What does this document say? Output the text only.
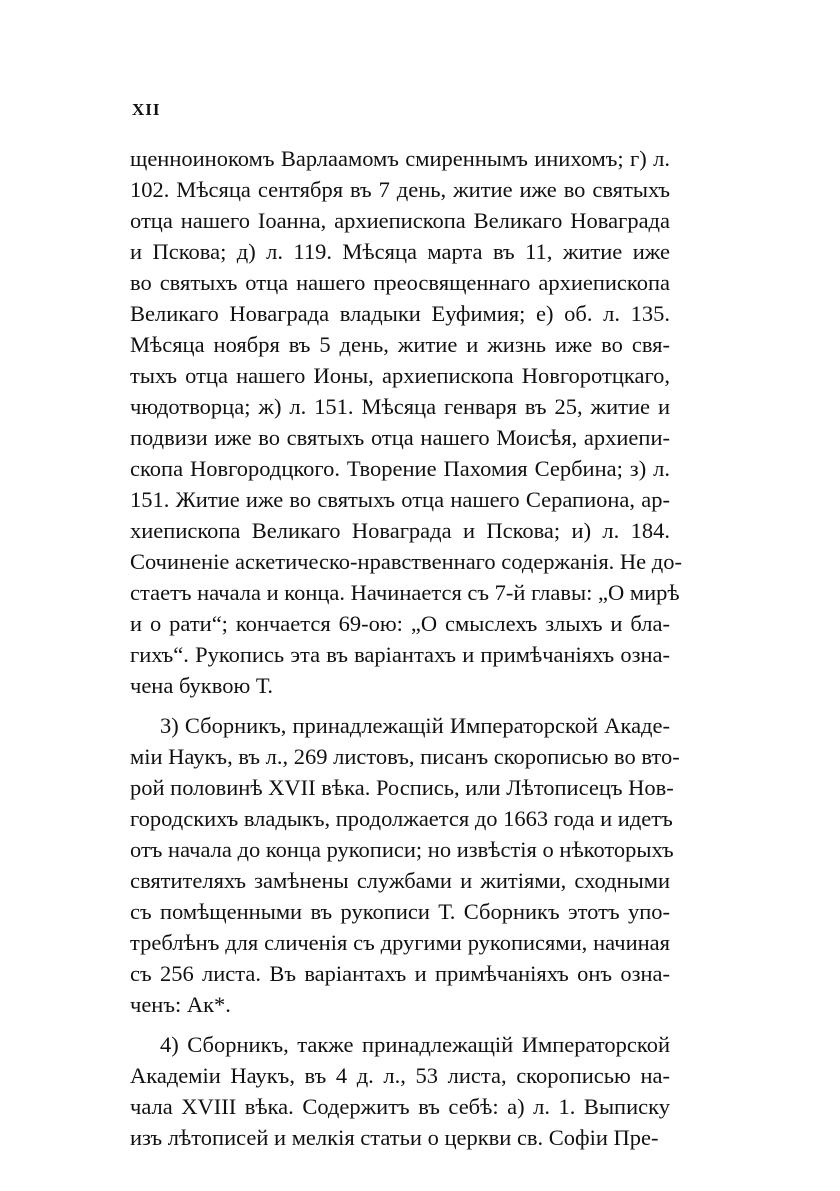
XII
щенноинокомъ Варлаамомъ смиреннымъ инихомъ; г) л.
102. Мѣсяца сентября въ 7 день, житие иже во святыхъ
отца нашего Іоанна, архиепископа Великаго Новаграда
и Пскова; д) л. 119. Мѣсяца марта въ 11, житие иже
во святыхъ отца нашего преосвященнаго архиепископа
Великаго Новаграда владыки Еуфимия; е) об. л. 135.
Мѣсяца ноября въ 5 день, житие и жизнь иже во свя-
тыхъ отца нашего Ионы, архиепископа Новгоротцкаго,
чюдотворца; ж) л. 151. Мѣсяца генваря въ 25, житие и
подвизи иже во святыхъ отца нашего Моисѣя, архиепи-
скопа Новгородцкого. Творение Пахомия Сербина; з) л.
151. Житие иже во святыхъ отца нашего Серапиона, ар-
хиепископа Великаго Новаграда и Пскова; и) л. 184.
Сочиненіе аскетическо-нравственнаго содержанія. Не до-
стаетъ начала и конца. Начинается съ 7-й главы: „О мирѣ
и о рати“; кончается 69-ою: „О смыслехъ злыхъ и бла-
гихъ“. Рукопись эта въ варіантахъ и примѣчаніяхъ озна-
чена буквою Т.
3) Сборникъ, принадлежащій Императорской Акаде-
міи Наукъ, въ л., 269 листовъ, писанъ скорописью во вто-
рой половинѣ XVII вѣка. Роспись, или Лѣтописецъ Нов-
городскихъ владыкъ, продолжается до 1663 года и идетъ
отъ начала до конца рукописи; но извѣстія о нѣкоторыхъ
святителяхъ замѣнены службами и житіями, сходными
съ помѣщенными въ рукописи Т. Сборникъ этотъ упо-
треблѣнъ для сличенія съ другими рукописями, начиная
съ 256 листа. Въ варіантахъ и примѣчаніяхъ онъ озна-
ченъ: Ак*.
4) Сборникъ, также принадлежащій Императорской
Академіи Наукъ, въ 4 д. л., 53 листа, скорописью на-
чала XVIII вѣка. Содержитъ въ себѣ: а) л. 1. Выписку
изъ лѣтописей и мелкія статьи о церкви св. Софіи Пре-
